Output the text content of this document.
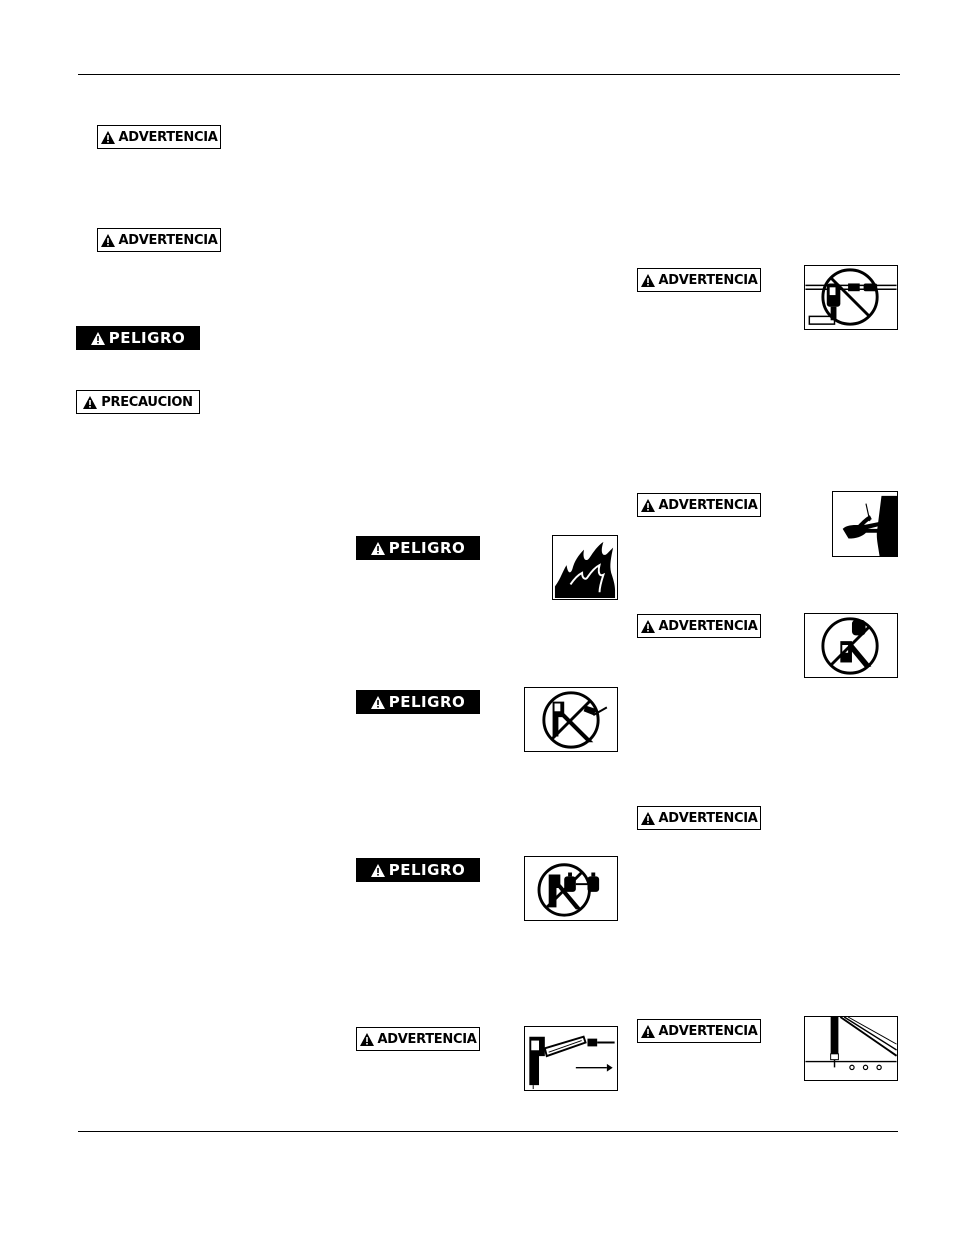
ADVERTENCIA
ADVERTENCIA
PELIGRO
PRECAUCION
PELIGRO
PELIGRO
PELIGRO
ADVERTENCIA
ADVERTENCIA
ADVERTENCIA
ADVERTENCIA
ADVERTENCIA
ADVERTENCIA
